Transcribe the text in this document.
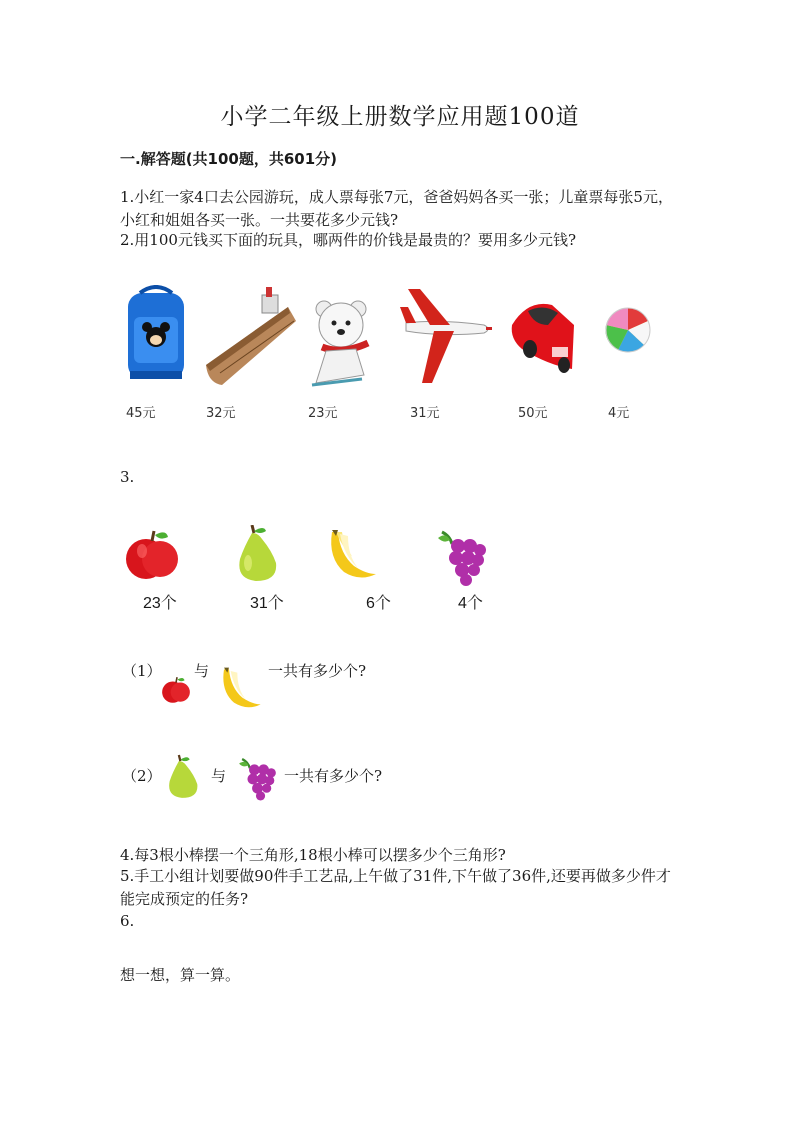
小学二年级上册数学应用题100道
一.解答题(共100题，共601分)
1.小红一家4口去公园游玩，成人票每张7元，爸爸妈妈各买一张；儿童票每张5元，小红和姐姐各买一张。一共要花多少元钱?
2.用100元钱买下面的玩具，哪两件的价钱是最贵的？要用多少元钱?
45元	32元	23元	31元	50元	4元
3.
23个	31个	6个	4个
（1） 与	一共有多少个?
（2）	与	一共有多少个?
4.每3根小棒摆一个三角形,18根小棒可以摆多少个三角形?
5.手工小组计划要做90件手工艺品,上午做了31件,下午做了36件,还要再做多少件才能完成预定的任务?
6.
想一想，算一算。
